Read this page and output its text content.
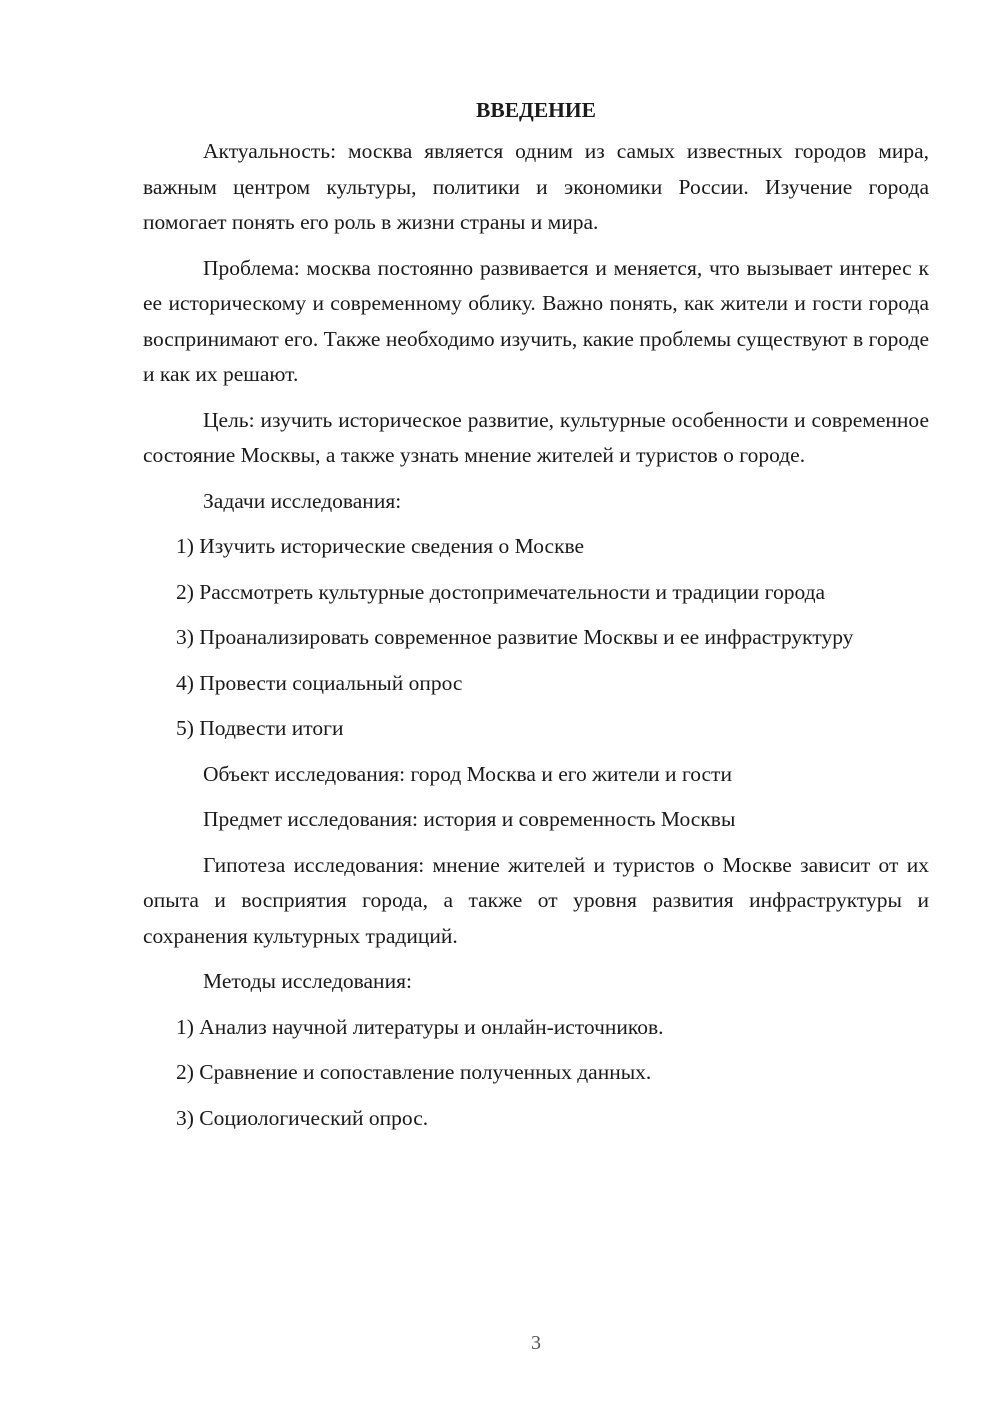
ВВЕДЕНИЕ

Актуальность: москва является одним из самых известных городов мира, важным центром культуры, политики и экономики России. Изучение города помогает понять его роль в жизни страны и мира.

Проблема: москва постоянно развивается и меняется, что вызывает интерес к ее историческому и современному облику. Важно понять, как жители и гости города воспринимают его. Также необходимо изучить, какие проблемы существуют в городе и как их решают.

Цель: изучить историческое развитие, культурные особенности и современное состояние Москвы, а также узнать мнение жителей и туристов о городе.

Задачи исследования:

1) Изучить исторические сведения о Москве

2) Рассмотреть культурные достопримечательности и традиции города

3) Проанализировать современное развитие Москвы и ее инфраструктуру

4) Провести социальный опрос

5) Подвести итоги

Объект исследования: город Москва и его жители и гости

Предмет исследования: история и современность Москвы

Гипотеза исследования: мнение жителей и туристов о Москве зависит от их опыта и восприятия города, а также от уровня развития инфраструктуры и сохранения культурных традиций.

Методы исследования:

1) Анализ научной литературы и онлайн-источников.

2) Сравнение и сопоставление полученных данных.

3) Социологический опрос.

3
